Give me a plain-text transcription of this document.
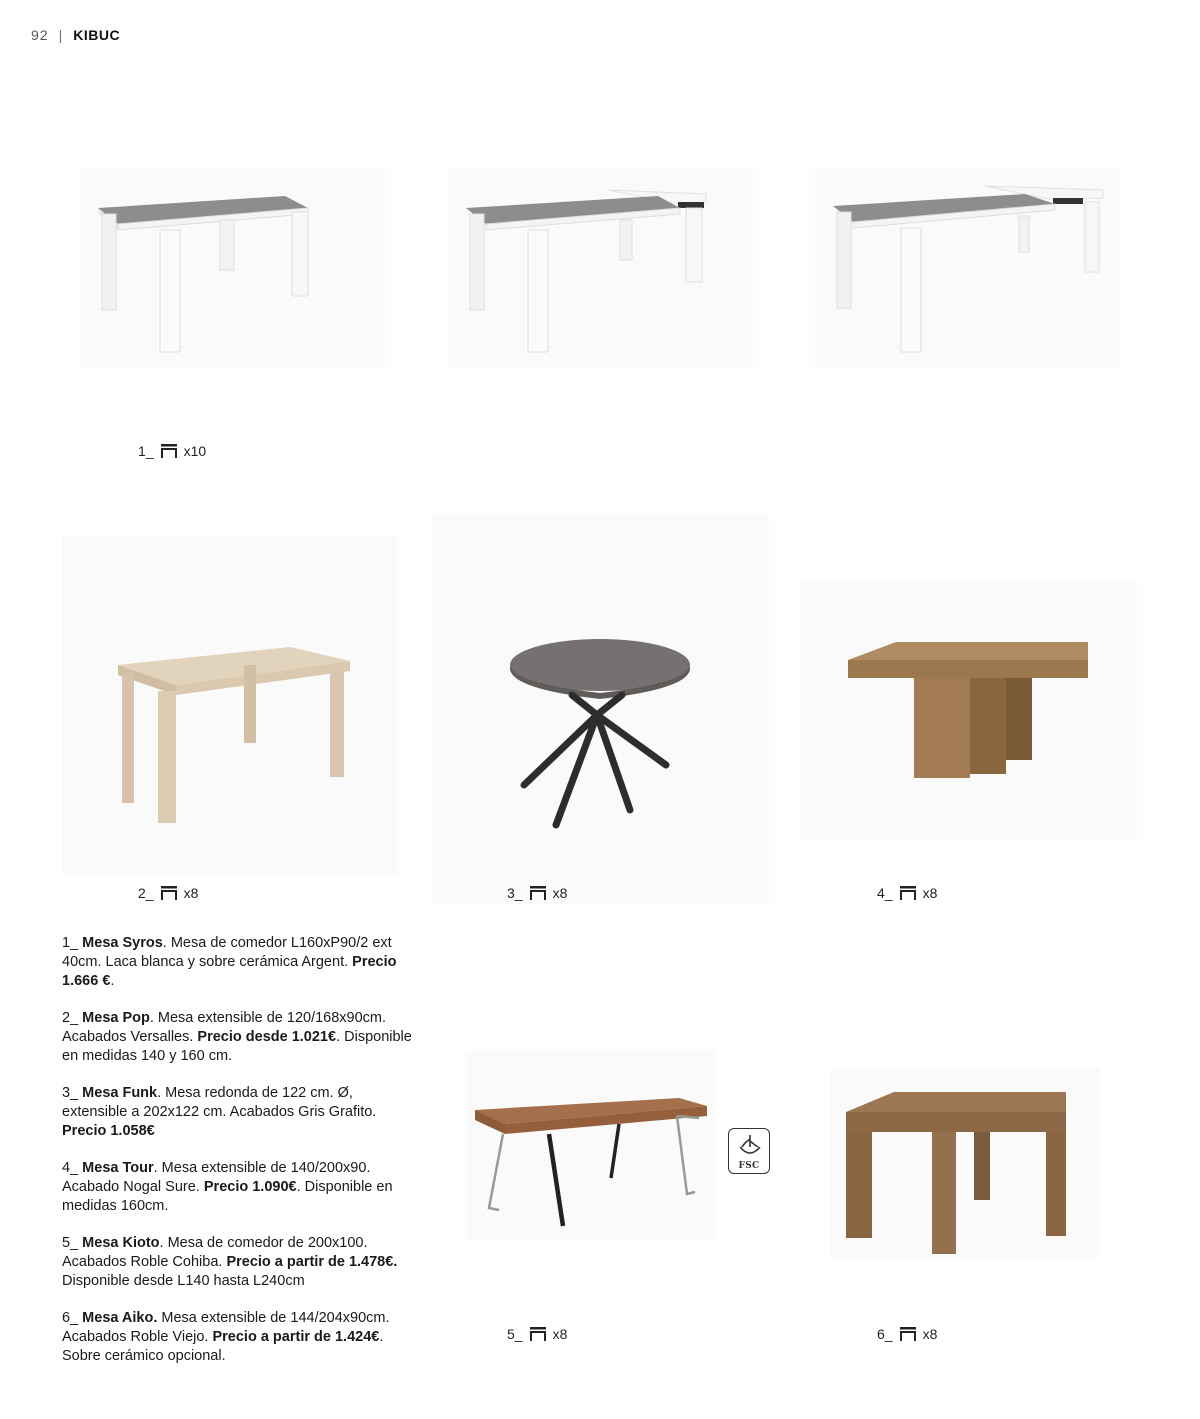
92 | KIBUC
FSC
1_ x10
2_ x8	3_ x8	4_ x8
5_ x8	6_ x8

1_ Mesa Syros. Mesa de comedor L160xP90/2 ext 40cm. Laca blanca y sobre cerámica Argent. Precio 1.666 €.

2_ Mesa Pop. Mesa extensible de 120/168x90cm. Acabados Versalles. Precio desde 1.021€. Disponible en medidas 140 y 160 cm.

3_ Mesa Funk. Mesa redonda de 122 cm. Ø, extensible a 202x122 cm. Acabados Gris Grafito. Precio 1.058€

4_ Mesa Tour. Mesa extensible de 140/200x90. Acabado Nogal Sure. Precio 1.090€. Disponible en medidas 160cm.

5_ Mesa Kioto. Mesa de comedor de 200x100. Acabados Roble Cohiba. Precio a partir de 1.478€. Disponible desde L140 hasta L240cm

6_ Mesa Aiko. Mesa extensible de 144/204x90cm. Acabados Roble Viejo. Precio a partir de 1.424€. Sobre cerámico opcional.
